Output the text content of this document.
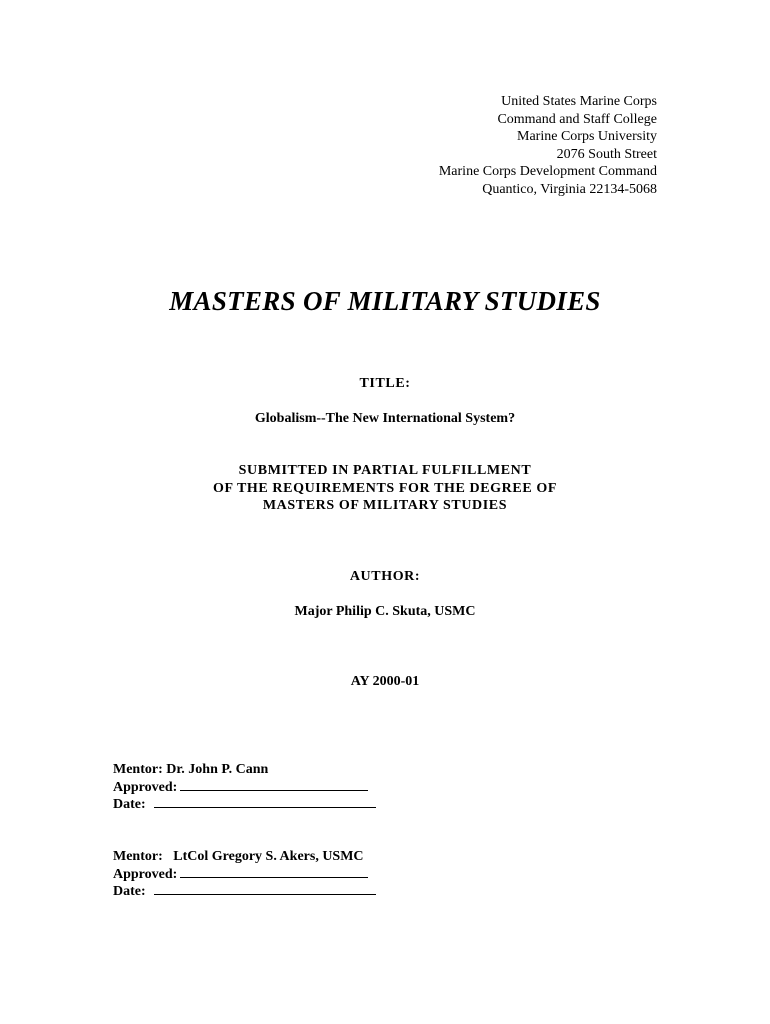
United States Marine Corps
Command and Staff College
Marine Corps University
2076 South Street
Marine Corps Development Command
Quantico, Virginia 22134-5068
MASTERS OF MILITARY STUDIES
TITLE:
Globalism--The New International System?
SUBMITTED IN PARTIAL FULFILLMENT
OF THE REQUIREMENTS FOR THE DEGREE OF
MASTERS OF MILITARY STUDIES
AUTHOR:
Major Philip C. Skuta, USMC
AY 2000-01
Mentor: Dr. John P. Cann
Approved:
Date:
Mentor:   LtCol Gregory S. Akers, USMC
Approved:
Date:
